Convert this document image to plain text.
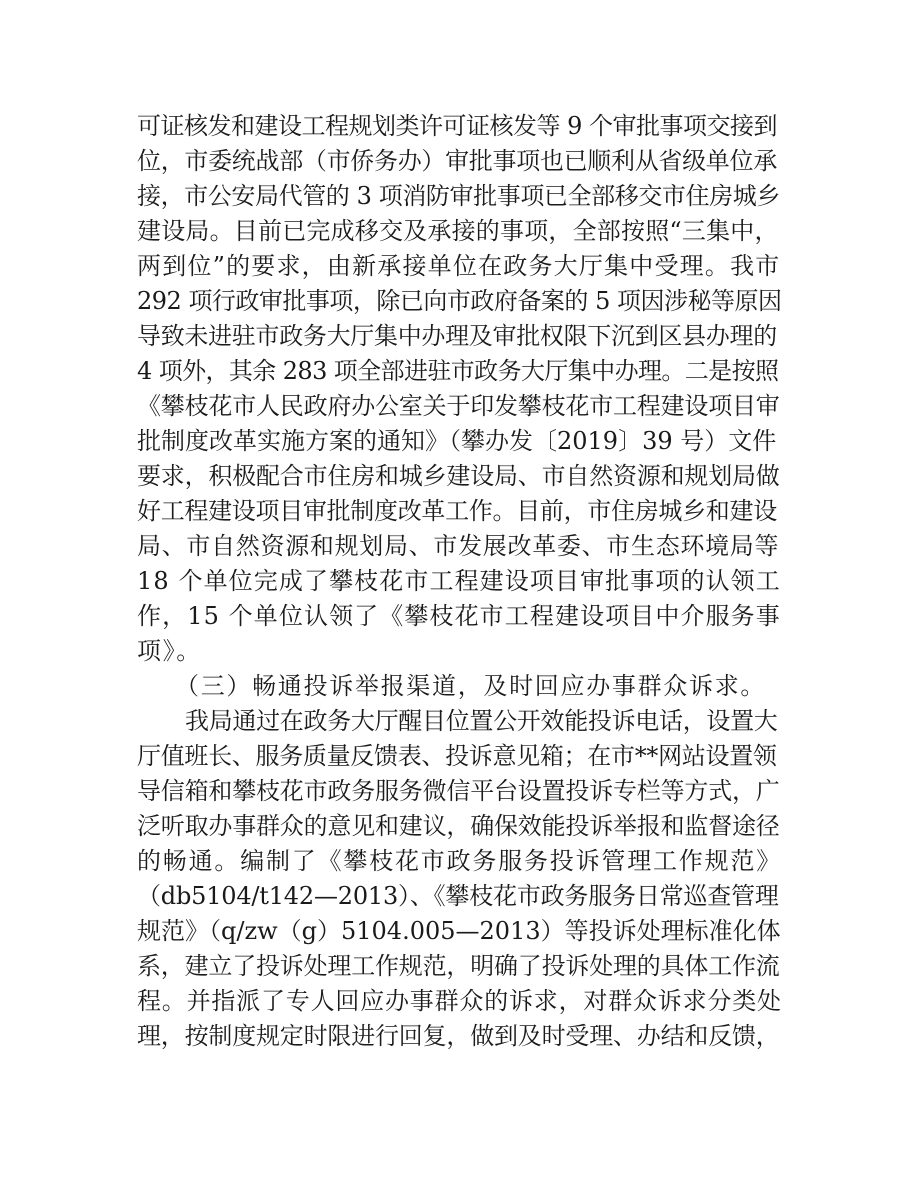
可证核发和建设工程规划类许可证核发等 9 个审批事项交接到
位，市委统战部（市侨务办）审批事项也已顺利从省级单位承
接，市公安局代管的 3 项消防审批事项已全部移交市住房城乡
建设局。目前已完成移交及承接的事项，全部按照“三集中，
两到位”的要求，由新承接单位在政务大厅集中受理。我市
292 项行政审批事项，除已向市政府备案的 5 项因涉秘等原因
导致未进驻市政务大厅集中办理及审批权限下沉到区县办理的
4 项外，其余 283 项全部进驻市政务大厅集中办理。二是按照
《攀枝花市人民政府办公室关于印发攀枝花市工程建设项目审
批制度改革实施方案的通知》（攀办发〔2019〕39 号）文件
要求，积极配合市住房和城乡建设局、市自然资源和规划局做
好工程建设项目审批制度改革工作。目前，市住房城乡和建设
局、市自然资源和规划局、市发展改革委、市生态环境局等
18 个单位完成了攀枝花市工程建设项目审批事项的认领工
作，15 个单位认领了《攀枝花市工程建设项目中介服务事
项》。
（三）畅通投诉举报渠道，及时回应办事群众诉求。
我局通过在政务大厅醒目位置公开效能投诉电话，设置大
厅值班长、服务质量反馈表、投诉意见箱；在市**网站设置领
导信箱和攀枝花市政务服务微信平台设置投诉专栏等方式，广
泛听取办事群众的意见和建议，确保效能投诉举报和监督途径
的畅通。编制了《攀枝花市政务服务投诉管理工作规范》
（db5104/t142—2013）、《攀枝花市政务服务日常巡查管理
规范》（q/zw（g）5104.005—2013）等投诉处理标准化体
系，建立了投诉处理工作规范，明确了投诉处理的具体工作流
程。并指派了专人回应办事群众的诉求，对群众诉求分类处
理，按制度规定时限进行回复，做到及时受理、办结和反馈，
